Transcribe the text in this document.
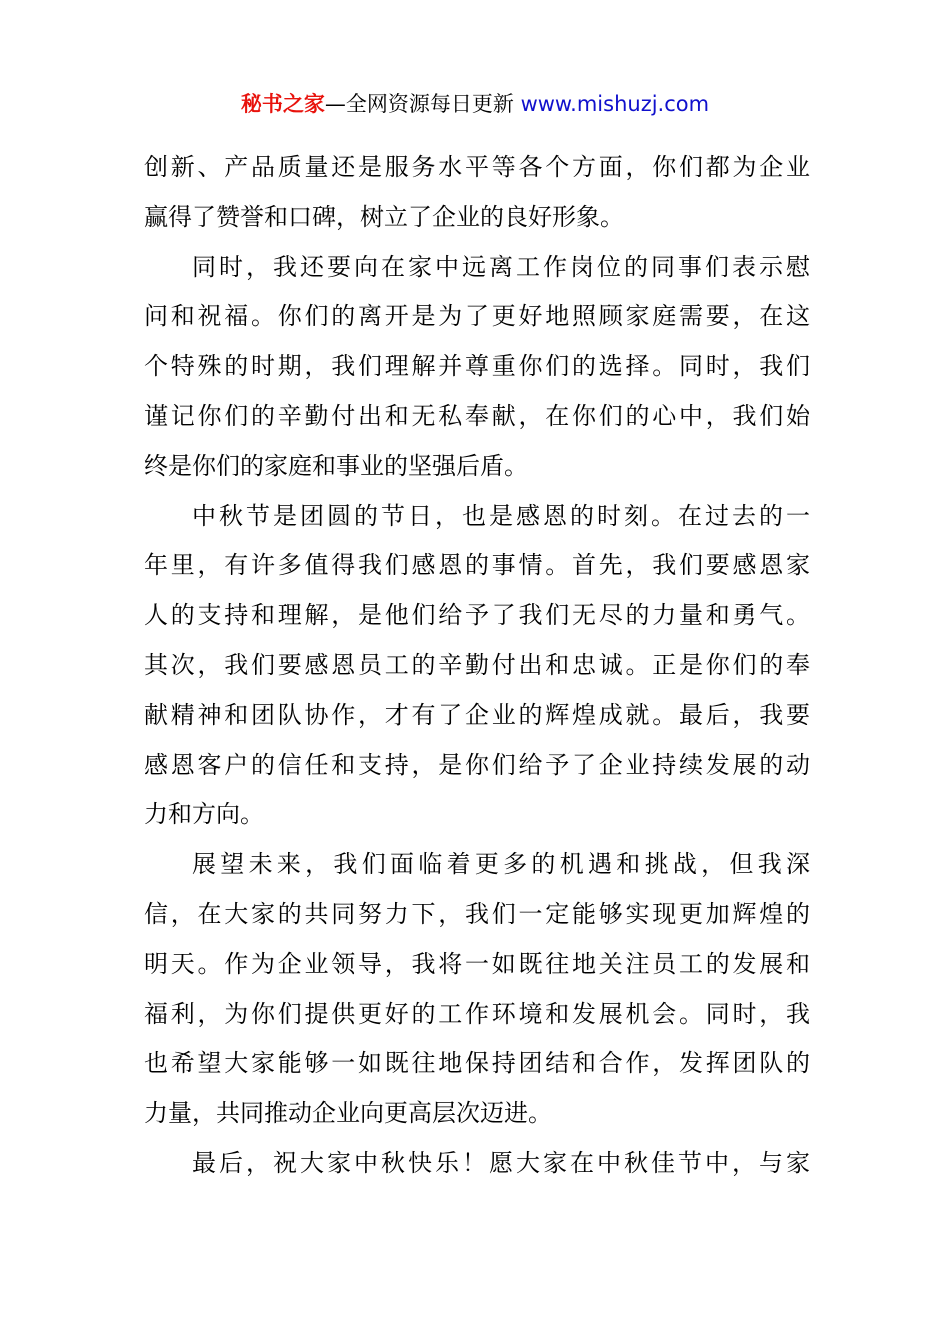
秘书之家—全网资源每日更新 www.mishuzj.com
创新、产品质量还是服务水平等各个方面，你们都为企业
赢得了赞誉和口碑，树立了企业的良好形象。
同时，我还要向在家中远离工作岗位的同事们表示慰
问和祝福。你们的离开是为了更好地照顾家庭需要，在这
个特殊的时期，我们理解并尊重你们的选择。同时，我们
谨记你们的辛勤付出和无私奉献，在你们的心中，我们始
终是你们的家庭和事业的坚强后盾。
中秋节是团圆的节日，也是感恩的时刻。在过去的一
年里，有许多值得我们感恩的事情。首先，我们要感恩家
人的支持和理解，是他们给予了我们无尽的力量和勇气。
其次，我们要感恩员工的辛勤付出和忠诚。正是你们的奉
献精神和团队协作，才有了企业的辉煌成就。最后，我要
感恩客户的信任和支持，是你们给予了企业持续发展的动
力和方向。
展望未来，我们面临着更多的机遇和挑战，但我深
信，在大家的共同努力下，我们一定能够实现更加辉煌的
明天。作为企业领导，我将一如既往地关注员工的发展和
福利，为你们提供更好的工作环境和发展机会。同时，我
也希望大家能够一如既往地保持团结和合作，发挥团队的
力量，共同推动企业向更高层次迈进。
最后，祝大家中秋快乐！愿大家在中秋佳节中，与家
